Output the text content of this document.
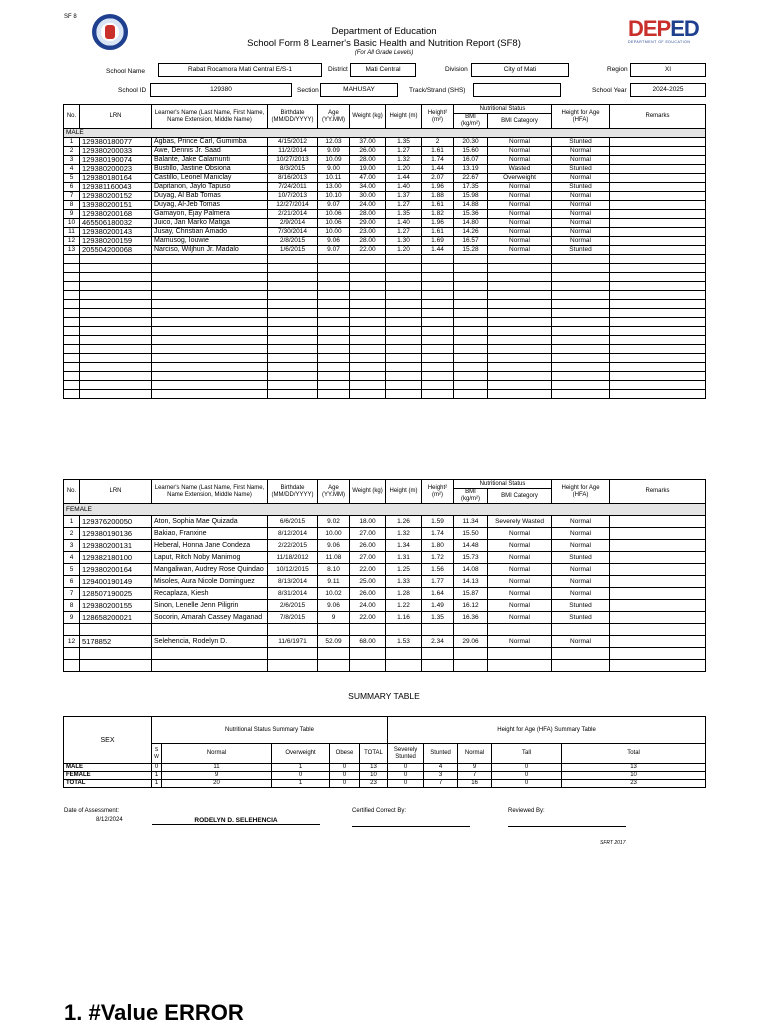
SF 8
Department of Education
School Form 8 Learner's Basic Health and Nutrition Report (SF8)
(For All Grade Levels)
DEPED
DEPARTMENT OF EDUCATION
School Name	Rabat Rocamora Mati Central E/S-1	District	Mati Central	Division	City of Mati	Region	XI
School ID	129380	Section	MAHUSAY	Track/Strand (SHS)	School Year	2024-2025
No.	LRN	Learner's Name (Last Name, First Name, Name Extension, Middle Name)	Birthdate (MM/DD/YYYY)	Age (YY.MM)	Weight (kg)	Height (m)	Height² (m²)	Nutritional Status		Height for Age (HFA)	Remarks
								BMI (kg/m²)	BMI Category		
MALE											
1	129380180077	Agbas, Prince Carl, Gumimba	4/15/2012	12.03	37.00	1.35	2	20.30	Normal	Stunted	
2	129380200033	Awe, Dennis Jr. Saad	11/2/2014	9.09	26.00	1.27	1.61	15.60	Normal	Normal	
3	129380190074	Balante, Jake Calamunti	10/27/2013	10.09	28.00	1.32	1.74	16.07	Normal	Normal	
4	129380200023	Bustillo, Jastine Obsiona	8/3/2015	9.00	19.00	1.20	1.44	13.19	Wasted	Stunted	
5	129380180164	Castillo, Leonel Maniclay	8/16/2013	10.11	47.00	1.44	2.07	22.67	Overweight	Normal	
6	129381160043	Dapitanon, Jaylo Tapuso	7/24/2011	13.00	34.00	1.40	1.96	17.35	Normal	Stunted	
7	129380200152	Duyag, Al Bab Tomas	10/7/2013	10.10	30.00	1.37	1.88	15.98	Normal	Normal	
8	139380200151	Duyag, Al-Jeb Tomas	12/27/2014	9.07	24.00	1.27	1.61	14.88	Normal	Normal	
9	129380200168	Gamayon, Ejay Palmera	2/21/2014	10.06	28.00	1.35	1.82	15.36	Normal	Normal	
10	465506180032	Juico, Jan Marko Matiga	2/9/2014	10.06	29.00	1.40	1.96	14.80	Normal	Normal	
11	129380200143	Jusay, Christian Amado	7/30/2014	10.00	23.00	1.27	1.61	14.26	Normal	Normal	
12	129380200159	Mamusog, Iouwie	2/8/2015	9.06	28.00	1.30	1.69	16.57	Normal	Normal	
13	205504200068	Narciso, Wiljhun Jr. Madalo	1/6/2015	9.07	22.00	1.20	1.44	15.28	Normal	Stunted	

No.	LRN	Learner's Name (Last Name, First Name, Name Extension, Middle Name)	Birthdate (MM/DD/YYYY)	Age (YY.MM)	Weight (kg)	Height (m)	Height² (m²)	Nutritional Status		Height for Age (HFA)	Remarks
								BMI (kg/m²)	BMI Category		
FEMALE											
1	129376200050	Aton, Sophia Mae Quizada	6/6/2015	9.02	18.00	1.26	1.59	11.34	Severely Wasted	Normal	
2	129380190136	Bakiao, Franxine	8/12/2014	10.00	27.00	1.32	1.74	15.50	Normal	Normal	
3	129380200131	Heberal, Honna Jane Condeza	2/22/2015	9.06	26.00	1.34	1.80	14.48	Normal	Normal	
4	129382180100	Laput, Ritch Noby Manimog	11/18/2012	11.08	27.00	1.31	1.72	15.73	Normal	Stunted	
5	129380200164	Mangaliwan, Audrey Rose Quindao	10/12/2015	8.10	22.00	1.25	1.56	14.08	Normal	Normal	
6	129400190149	Misoles, Aura Nicole Dominguez	8/13/2014	9.11	25.00	1.33	1.77	14.13	Normal	Normal	
7	128507190025	Recaplaza, Kiesh	8/31/2014	10.02	26.00	1.28	1.64	15.87	Normal	Normal	
8	129380200155	Sinon, Lenelle Jenn Piligrin	2/6/2015	9.06	24.00	1.22	1.49	16.12	Normal	Stunted	
9	128658200021	Socorin, Amarah Cassey Maganad	7/8/2015	9	22.00	1.16	1.35	16.36	Normal	Stunted	

12	5178852	Selehencia, Rodelyn D.	11/6/1971	52.09	68.00	1.53	2.34	29.06	Normal	Normal	

SUMMARY TABLE
SEX	Nutritional Status Summary Table					Height for Age (HFA) Summary Table				
	S W	Normal	Overweight	Obese	TOTAL	Severely Stunted	Stunted	Normal	Tall	Total
MALE	0	11	1	0	13	0	4	9	0	13
FEMALE	1	9	0	0	10	0	3	7	0	10
TOTAL	1	20	1	0	23	0	7	16	0	23
Date of Assessment:
8/12/2024	RODELYN D. SELEHENCIA
Certified Correct By:	Reviewed By:
SFRT 2017
1. #Value ERROR
